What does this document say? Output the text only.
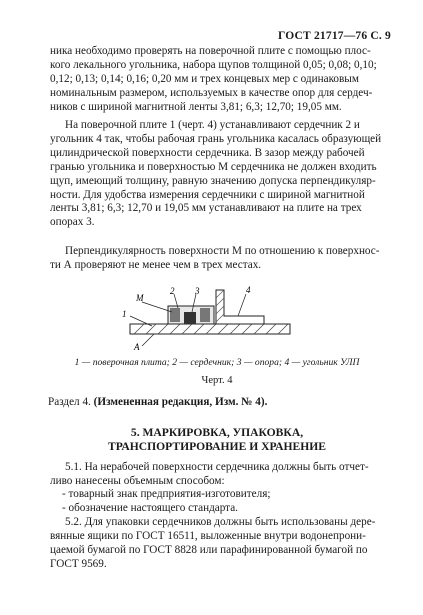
ГОСТ 21717—76 С. 9
ника необходимо проверять на поверочной плите с помощью плос-
кого лекального угольника, набора щупов толщиной 0,05; 0,08; 0,10;
0,12; 0,13; 0,14; 0,16; 0,20 мм и трех концевых мер с одинаковым
номинальным размером, используемых в качестве опор для сердеч-
ников с шириной магнитной ленты 3,81; 6,3; 12,70; 19,05 мм.
На поверочной плите 1 (черт. 4) устанавливают сердечник 2 и
угольник 4 так, чтобы рабочая грань угольника касалась образующей
цилиндрической поверхности сердечника. В зазор между рабочей
гранью угольника и поверхностью М сердечника не должен входить
щуп, имеющий толщину, равную значению допуска перпендикуляр-
ности. Для удобства измерения сердечники с шириной магнитной
ленты 3,81; 6,3; 12,70 и 19,05 мм устанавливают на плите на трех
опорах 3.
Перпендикулярность поверхности М по отношению к поверхнос-
ти А проверяют не менее чем в трех местах.
М
1
2 3	4
А
1 — поверочная плита; 2 — сердечник; 3 — опора; 4 — угольник УЛП
Черт. 4
Раздел 4. (Измененная редакция, Изм. № 4).
5. МАРКИРОВКА, УПАКОВКА,
ТРАНСПОРТИРОВАНИЕ И ХРАНЕНИЕ
5.1. На нерабочей поверхности сердечника должны быть отчет-
ливо нанесены объемным способом:
- товарный знак предприятия-изготовителя;
- обозначение настоящего стандарта.
5.2. Для упаковки сердечников должны быть использованы дере-
вянные ящики по ГОСТ 16511, выложенные внутри водонепрони-
цаемой бумагой по ГОСТ 8828 или парафинированной бумагой по
ГОСТ 9569.
